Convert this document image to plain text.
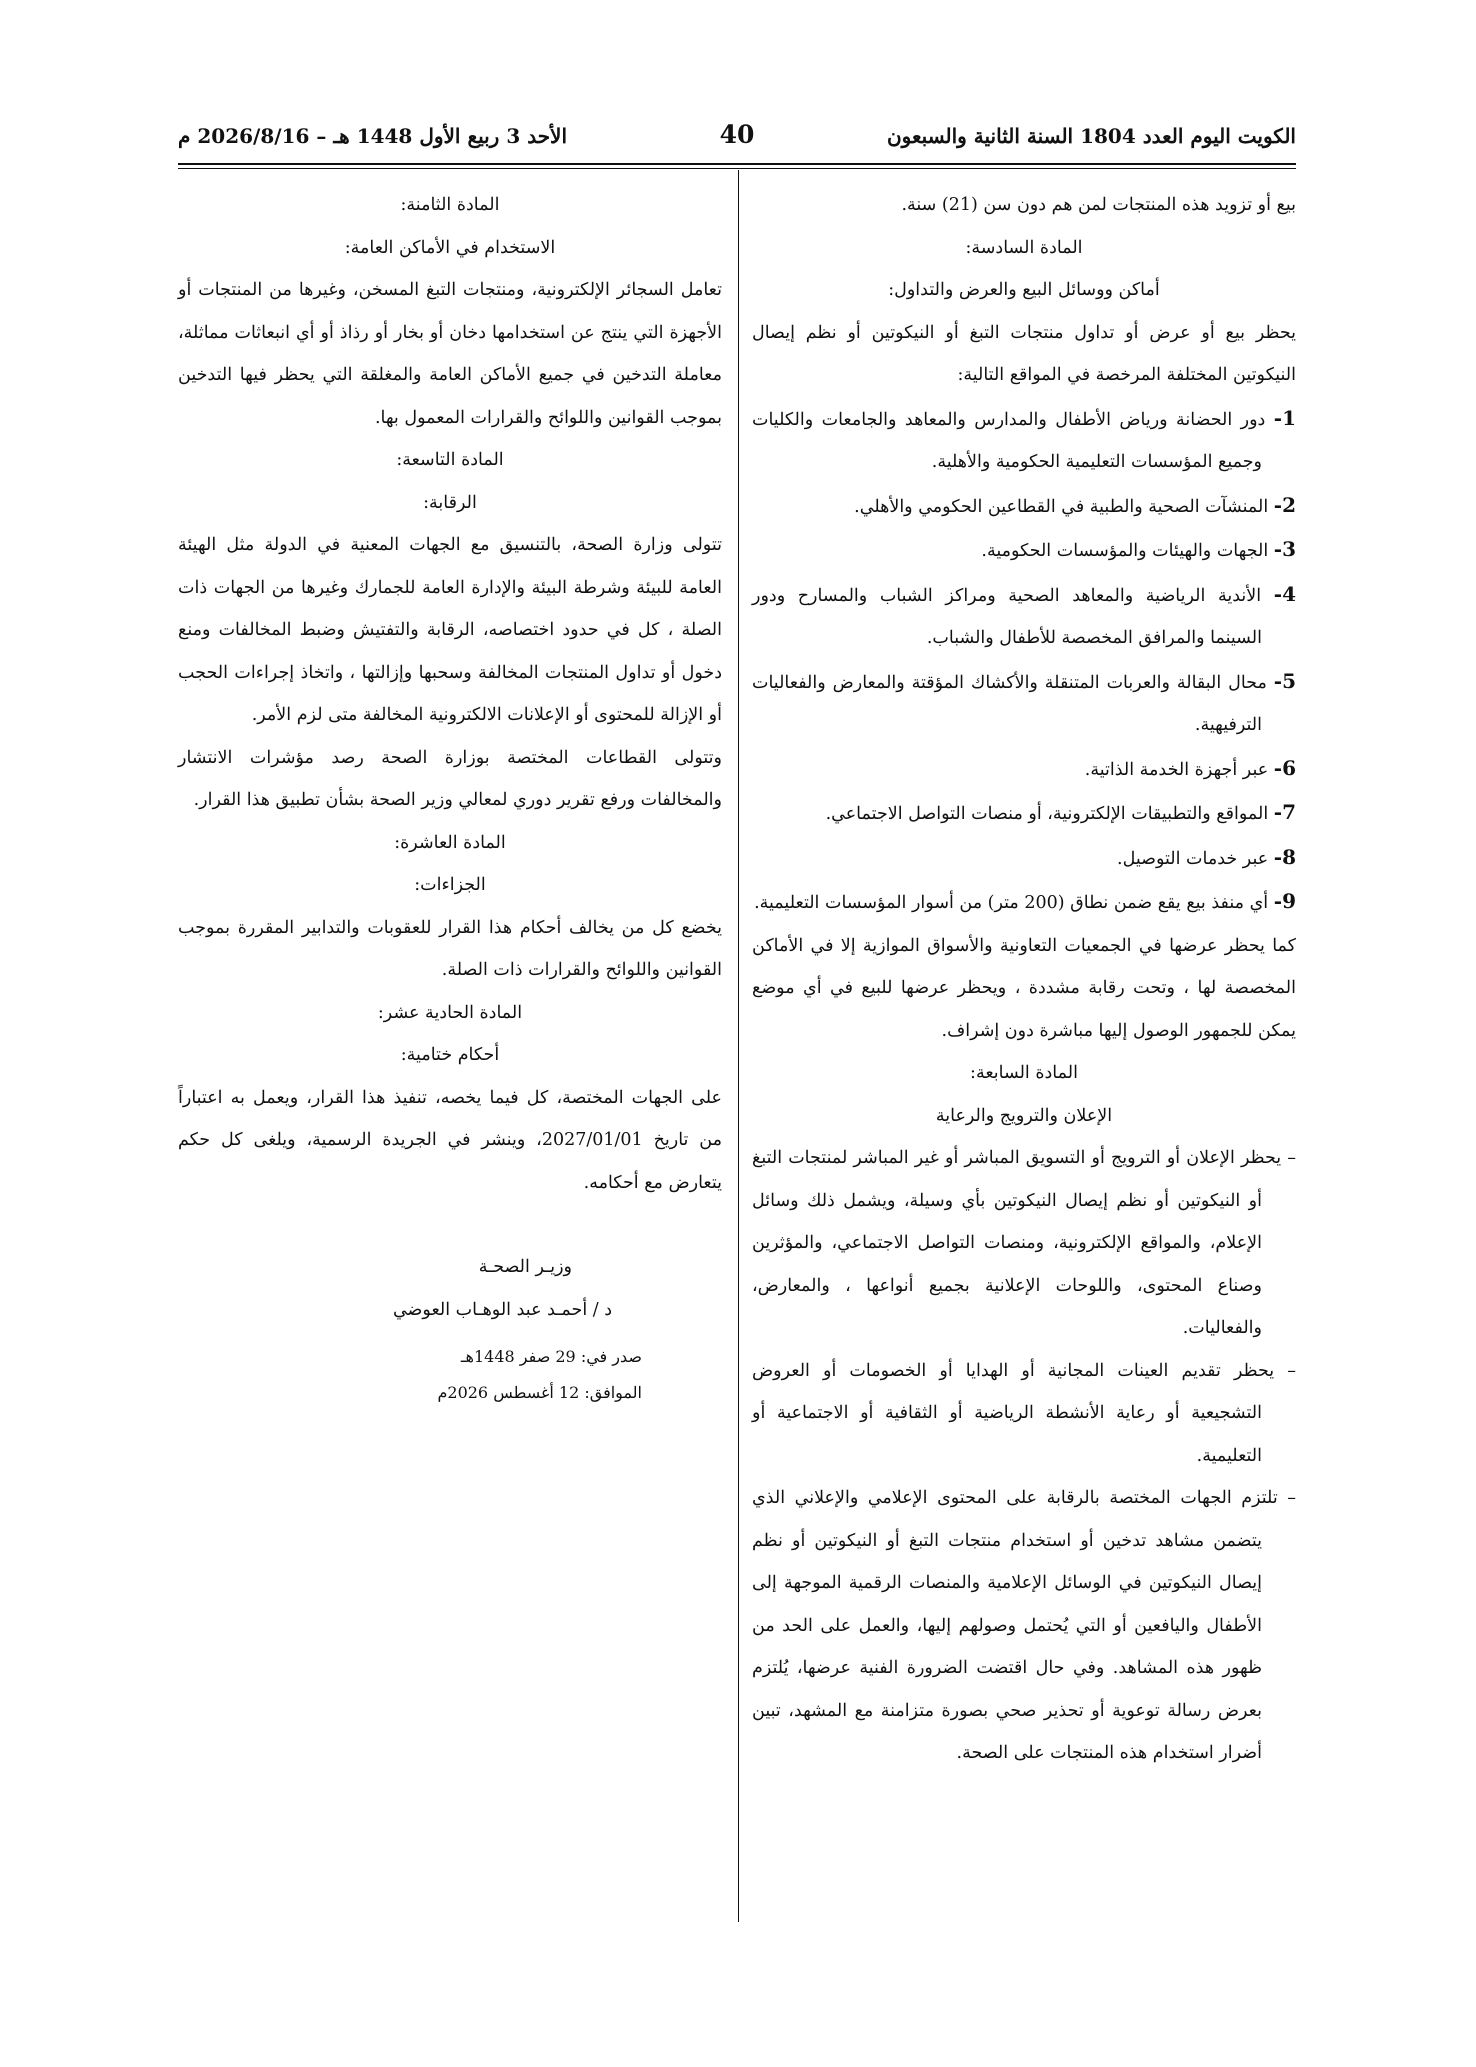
الكويت اليوم العدد 1804 السنة الثانية والسبعون
40
الأحد 3 ربيع الأول 1448 هـ – 2026/8/16 م

بيع أو تزويد هذه المنتجات لمن هم دون سن (21) سنة.

المادة السادسة:

أماكن ووسائل البيع والعرض والتداول:

يحظر بيع أو عرض أو تداول منتجات التبغ أو النيكوتين أو نظم إيصال النيكوتين المختلفة المرخصة في المواقع التالية:

1- دور الحضانة ورياض الأطفال والمدارس والمعاهد والجامعات والكليات وجميع المؤسسات التعليمية الحكومية والأهلية.

2- المنشآت الصحية والطبية في القطاعين الحكومي والأهلي.

3- الجهات والهيئات والمؤسسات الحكومية.

4- الأندية الرياضية والمعاهد الصحية ومراكز الشباب والمسارح ودور السينما والمرافق المخصصة للأطفال والشباب.

5- محال البقالة والعربات المتنقلة والأكشاك المؤقتة والمعارض والفعاليات الترفيهية.

6- عبر أجهزة الخدمة الذاتية.

7- المواقع والتطبيقات الإلكترونية، أو منصات التواصل الاجتماعي.

8- عبر خدمات التوصيل.

9- أي منفذ بيع يقع ضمن نطاق (200 متر) من أسوار المؤسسات التعليمية.

كما يحظر عرضها في الجمعيات التعاونية والأسواق الموازية إلا في الأماكن المخصصة لها ، وتحت رقابة مشددة ، ويحظر عرضها للبيع في أي موضع يمكن للجمهور الوصول إليها مباشرة دون إشراف.

المادة السابعة:

الإعلان والترويج والرعاية

– يحظر الإعلان أو الترويج أو التسويق المباشر أو غير المباشر لمنتجات التبغ أو النيكوتين أو نظم إيصال النيكوتين بأي وسيلة، ويشمل ذلك وسائل الإعلام، والمواقع الإلكترونية، ومنصات التواصل الاجتماعي، والمؤثرين وصناع المحتوى، واللوحات الإعلانية بجميع أنواعها ، والمعارض، والفعاليات.

– يحظر تقديم العينات المجانية أو الهدايا أو الخصومات أو العروض التشجيعية أو رعاية الأنشطة الرياضية أو الثقافية أو الاجتماعية أو التعليمية.

– تلتزم الجهات المختصة بالرقابة على المحتوى الإعلامي والإعلاني الذي يتضمن مشاهد تدخين أو استخدام منتجات التبغ أو النيكوتين أو نظم إيصال النيكوتين في الوسائل الإعلامية والمنصات الرقمية الموجهة إلى الأطفال واليافعين أو التي يُحتمل وصولهم إليها، والعمل على الحد من ظهور هذه المشاهد. وفي حال اقتضت الضرورة الفنية عرضها، يُلتزم بعرض رسالة توعوية أو تحذير صحي بصورة متزامنة مع المشهد، تبين أضرار استخدام هذه المنتجات على الصحة.

المادة الثامنة:

الاستخدام في الأماكن العامة:

تعامل السجائر الإلكترونية، ومنتجات التبغ المسخن، وغيرها من المنتجات أو الأجهزة التي ينتج عن استخدامها دخان أو بخار أو رذاذ أو أي انبعاثات مماثلة، معاملة التدخين في جميع الأماكن العامة والمغلقة التي يحظر فيها التدخين بموجب القوانين واللوائح والقرارات المعمول بها.

المادة التاسعة:

الرقابة:

تتولى وزارة الصحة، بالتنسيق مع الجهات المعنية في الدولة مثل الهيئة العامة للبيئة وشرطة البيئة والإدارة العامة للجمارك وغيرها من الجهات ذات الصلة ، كل في حدود اختصاصه، الرقابة والتفتيش وضبط المخالفات ومنع دخول أو تداول المنتجات المخالفة وسحبها وإزالتها ، واتخاذ إجراءات الحجب أو الإزالة للمحتوى أو الإعلانات الالكترونية المخالفة متى لزم الأمر.

وتتولى القطاعات المختصة بوزارة الصحة رصد مؤشرات الانتشار والمخالفات ورفع تقرير دوري لمعالي وزير الصحة بشأن تطبيق هذا القرار.

المادة العاشرة:

الجزاءات:

يخضع كل من يخالف أحكام هذا القرار للعقوبات والتدابير المقررة بموجب القوانين واللوائح والقرارات ذات الصلة.

المادة الحادية عشر:

أحكام ختامية:

على الجهات المختصة، كل فيما يخصه، تنفيذ هذا القرار، ويعمل به اعتباراً من تاريخ 2027/01/01، وينشر في الجريدة الرسمية، ويلغى كل حكم يتعارض مع أحكامه.

وزيـر الصحـة

د / أحمـد عبد الوهـاب العوضي

صدر في: 29 صفر 1448هـ

الموافق: 12 أغسطس 2026م
